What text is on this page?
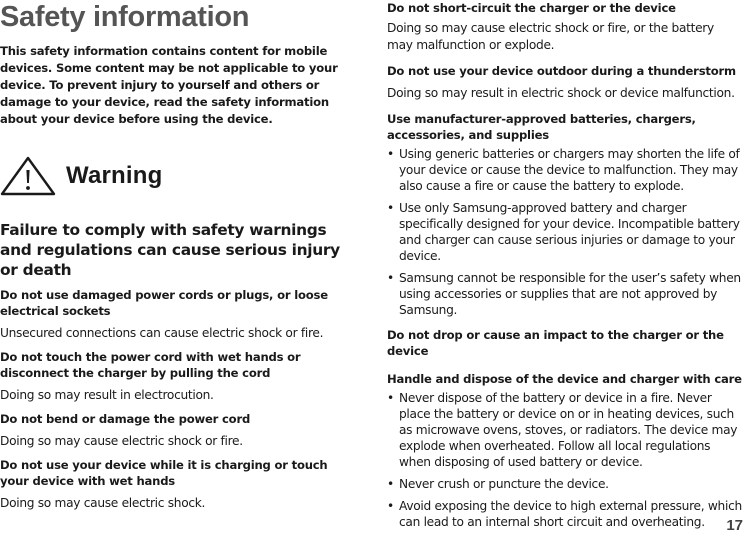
Safety information
This safety information contains content for mobile devices. Some content may be not applicable to your device. To prevent injury to yourself and others or damage to your device, read the safety information about your device before using the device.
Warning
Failure to comply with safety warnings and regulations can cause serious injury or death
Do not use damaged power cords or plugs, or loose electrical sockets
Unsecured connections can cause electric shock or fire.
Do not touch the power cord with wet hands or disconnect the charger by pulling the cord
Doing so may result in electrocution.
Do not bend or damage the power cord
Doing so may cause electric shock or fire.
Do not use your device while it is charging or touch your device with wet hands
Doing so may cause electric shock.
Do not short-circuit the charger or the device
Doing so may cause electric shock or fire, or the battery may malfunction or explode.
Do not use your device outdoor during a thunderstorm
Doing so may result in electric shock or device malfunction.
Use manufacturer-approved batteries, chargers, accessories, and supplies
• Using generic batteries or chargers may shorten the life of your device or cause the device to malfunction. They may also cause a fire or cause the battery to explode.
• Use only Samsung-approved battery and charger specifically designed for your device. Incompatible battery and charger can cause serious injuries or damage to your device.
• Samsung cannot be responsible for the user’s safety when using accessories or supplies that are not approved by Samsung.
Do not drop or cause an impact to the charger or the device
Handle and dispose of the device and charger with care
• Never dispose of the battery or device in a fire. Never place the battery or device on or in heating devices, such as microwave ovens, stoves, or radiators. The device may explode when overheated. Follow all local regulations when disposing of used battery or device.
• Never crush or puncture the device.
• Avoid exposing the device to high external pressure, which can lead to an internal short circuit and overheating.	17
